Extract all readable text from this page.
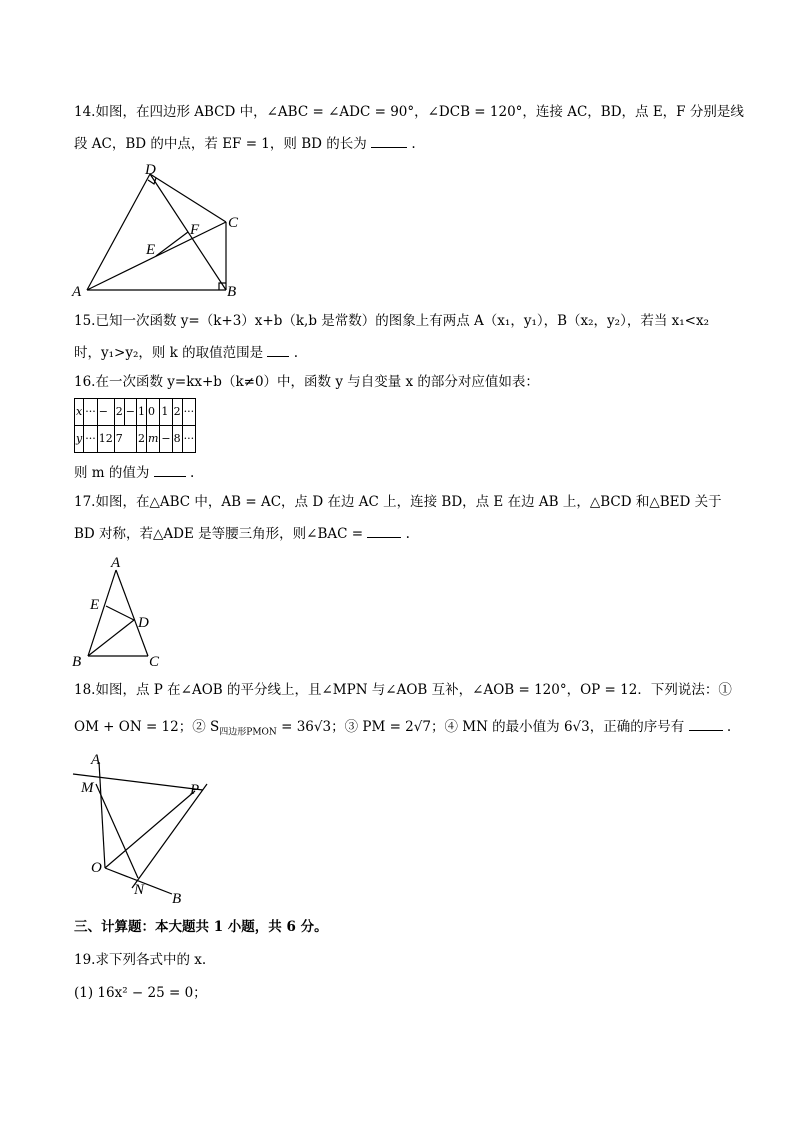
14.如图，在四边形 ABCD 中，∠ABC = ∠ADC = 90°，∠DCB = 120°，连接 AC，BD，点 E，F 分别是线
段 AC，BD 的中点，若 EF = 1，则 BD 的长为	.
D
C
F
E
A	B
15.已知一次函数 y=（k+3）x+b（k,b 是常数）的图象上有两点 A（x₁，y₁），B（x₂，y₂），若当 x₁<x₂
时，y₁>y₂，则 k 的取值范围是 .
16.在一次函数 y=kx+b（k≠0）中，函数 y 与自变量 x 的部分对应值如表：
x	···	−	2	−	1	0	1	2	···
y	···	12	7		2	m	−	8	···
则 m 的值为	.
17.如图，在△ABC 中，AB = AC，点 D 在边 AC 上，连接 BD，点 E 在边 AB 上，△BCD 和△BED 关于
BD 对称，若△ADE 是等腰三角形，则∠BAC =	.
A
E
D
B	C
18.如图，点 P 在∠AOB 的平分线上，且∠MPN 与∠AOB 互补，∠AOB = 120°，OP = 12．下列说法：①
OM + ON = 12；② $S_{四边形PMON} = 36√3$；③ PM = 2√7；④ MN 的最小值为 6√3，正确的序号有	.
A
M	P
O
N
B
三、计算题：本大题共 1 小题，共 6 分。
19.求下列各式中的 x.
(1) 16x² − 25 = 0；
